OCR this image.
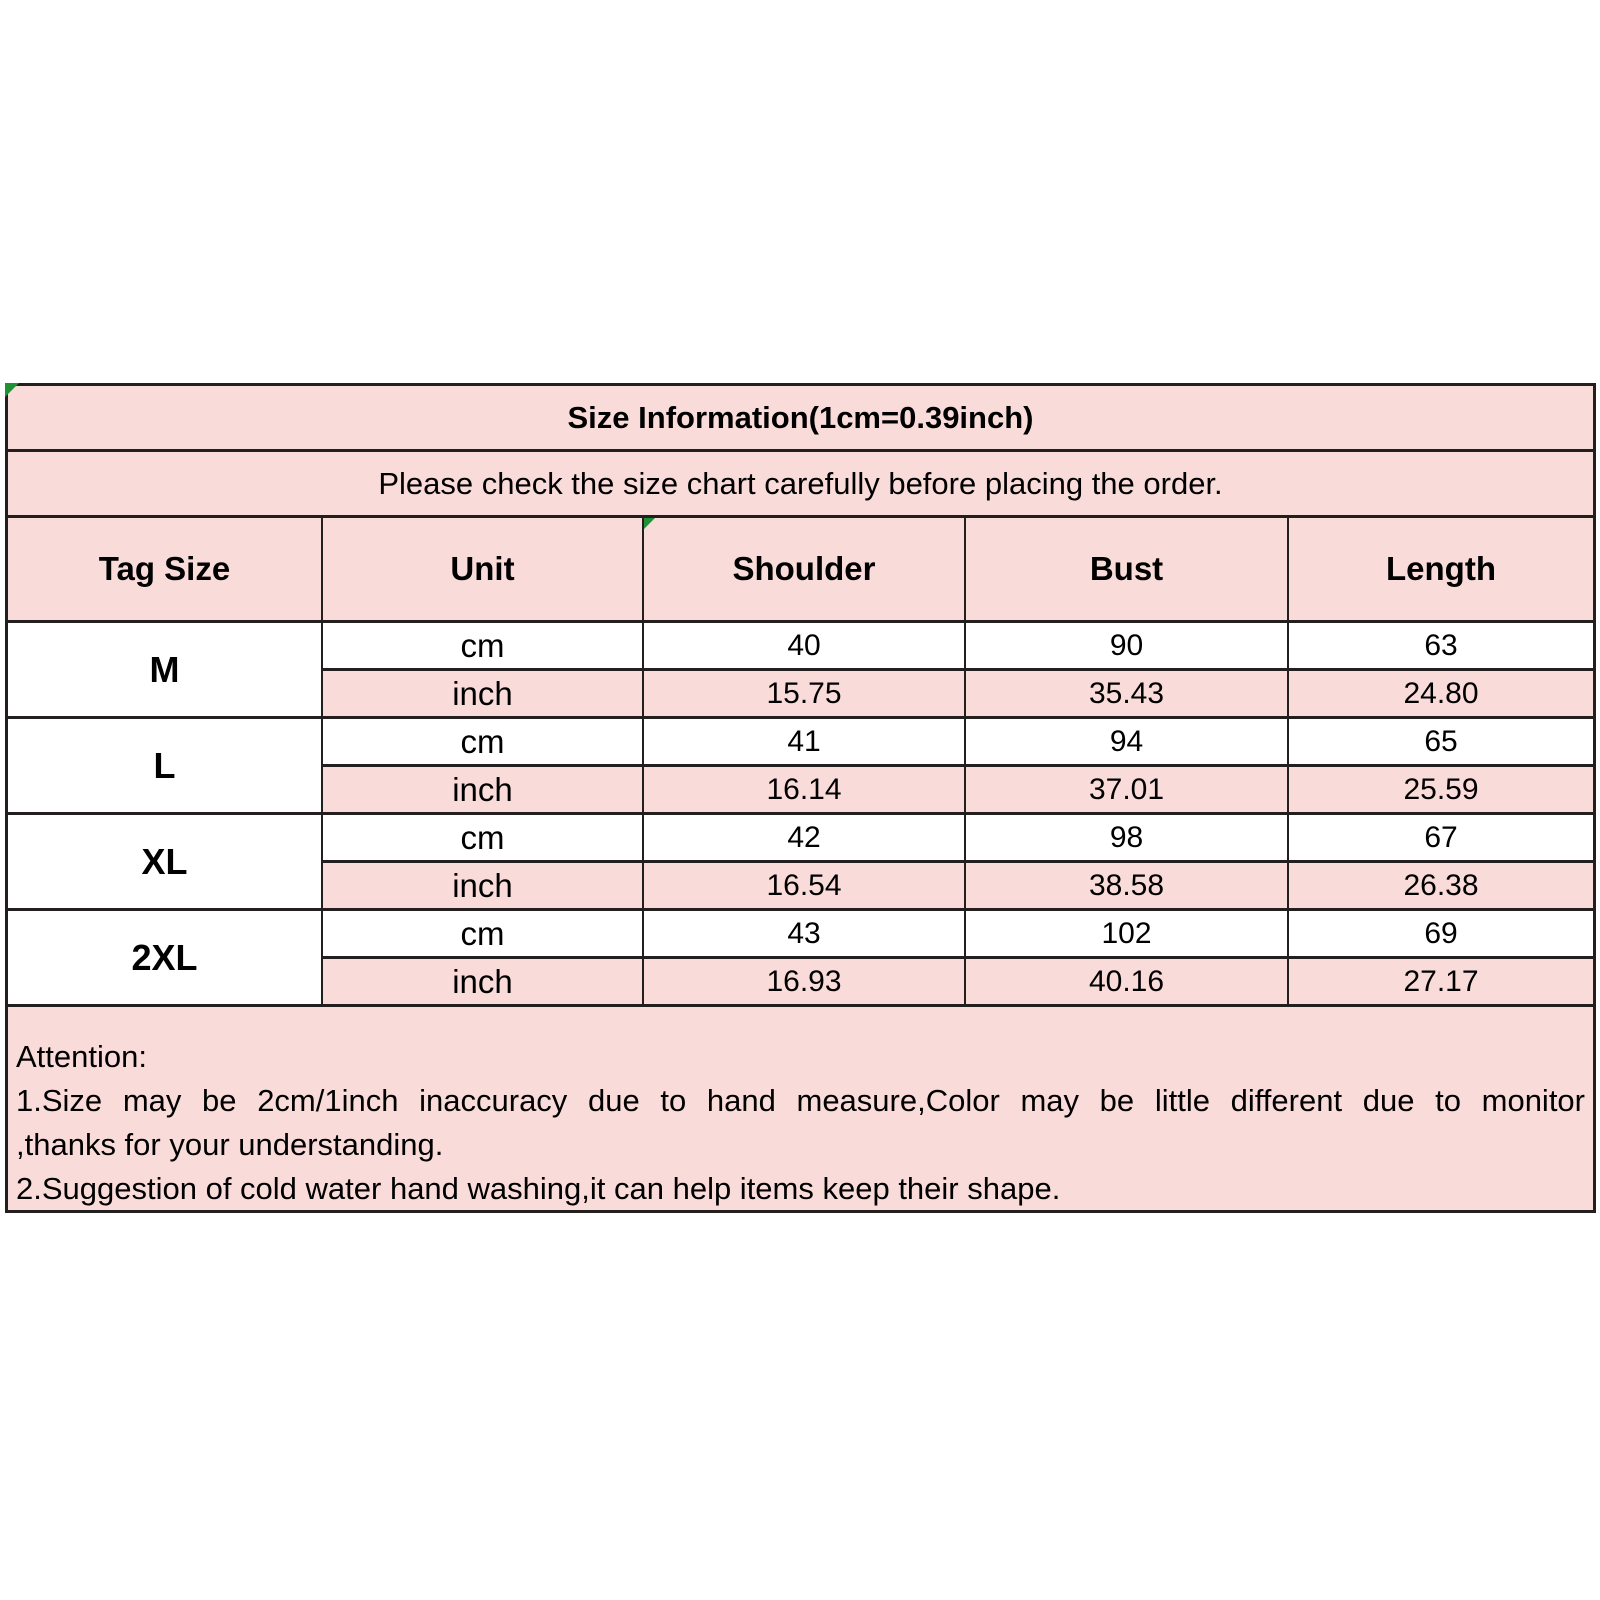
Size Information(1cm=0.39inch)
Please check the size chart carefully before placing the order.
Tag Size	Unit	Shoulder	Bust	Length
M
cm	40	90	63
inch	15.75	35.43	24.80
L
cm	41	94	65
inch	16.14	37.01	25.59
XL
cm	42	98	67
inch	16.54	38.58	26.38
2XL
cm	43	102	69
inch	16.93	40.16	27.17
Attention:
1.Size may be 2cm/1inch inaccuracy due to hand measure,Color may be little different due to monitor
,thanks for your understanding.
2.Suggestion of cold water hand washing,it can help items keep their shape.
